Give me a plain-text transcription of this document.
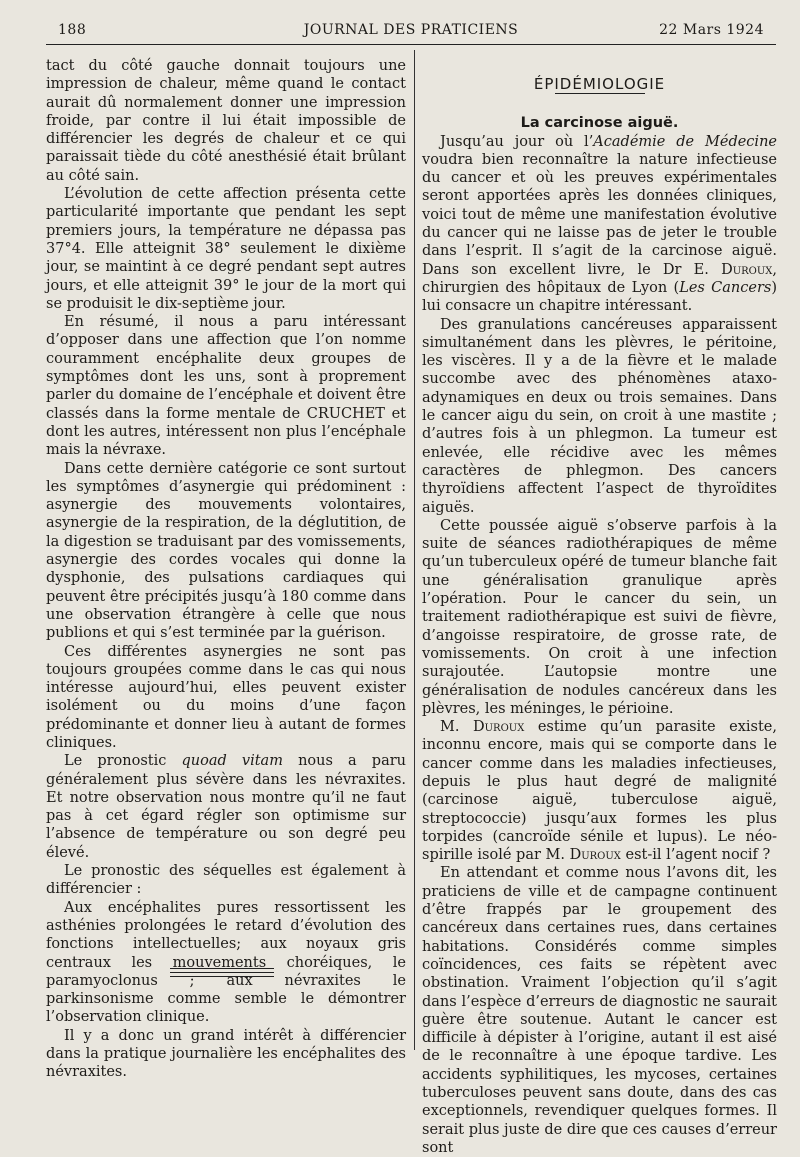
188	JOURNAL DES PRATICIENS	22 Mars 1924

tact du côté gauche donnait toujours une impression de chaleur, même quand le contact aurait dû normalement donner une impression froide, par contre il lui était impossible de différencier les degrés de chaleur et ce qui paraissait tiède du côté anesthésié était brûlant au côté sain.

L’évolution de cette affection présenta cette particularité importante que pendant les sept premiers jours, la température ne dépassa pas 37°4. Elle atteignit 38° seulement le dixième jour, se maintint à ce degré pendant sept autres jours, et elle atteignit 39° le jour de la mort qui se produisit le dix-septième jour.

En résumé, il nous a paru intéressant d’opposer dans une affection que l’on nomme couramment encéphalite deux groupes de symptômes dont les uns, sont à proprement parler du domaine de l’encéphale et doivent être classés dans la forme mentale de CRUCHET et dont les autres, intéressent non plus l’encéphale mais la névraxe.

Dans cette dernière catégorie ce sont surtout les symptômes d’asynergie qui prédominent : asynergie des mouvements volontaires, asynergie de la respiration, de la déglutition, de la digestion se traduisant par des vomissements, asynergie des cordes vocales qui donne la dysphonie, des pulsations cardiaques qui peuvent être précipités jusqu’à 180 comme dans une observation étrangère à celle que nous publions et qui s’est terminée par la guérison.

Ces différentes asynergies ne sont pas toujours groupées comme dans le cas qui nous intéresse aujourd’hui, elles peuvent exister isolément ou du moins d’une façon prédominante et donner lieu à autant de formes cliniques.

Le pronostic quoad vitam nous a paru généralement plus sévère dans les névraxites. Et notre observation nous montre qu’il ne faut pas à cet égard régler son optimisme sur l’absence de température ou son degré peu élevé.

Le pronostic des séquelles est également à différencier :

Aux encéphalites pures ressortissent les asthénies prolongées le retard d’évolution des fonctions intellectuelles; aux noyaux gris centraux les mouvements choréiques, le paramyoclonus ; aux névraxites le parkinsonisme comme semble le démontrer l’observation clinique.

Il y a donc un grand intérêt à différencier dans la pratique journalière les encéphalites des névraxites.

ÉPIDÉMIOLOGIE

La carcinose aiguë.

Jusqu’au jour où l’Académie de Médecine voudra bien reconnaître la nature infectieuse du cancer et où les preuves expérimentales seront apportées après les données cliniques, voici tout de même une manifestation évolutive du cancer qui ne laisse pas de jeter le trouble dans l’esprit. Il s’agit de la carcinose aiguë. Dans son excellent livre, le Dr E. Duroux, chirurgien des hôpitaux de Lyon (Les Cancers) lui consacre un chapitre intéressant.

Des granulations cancéreuses apparaissent simultanément dans les plèvres, le péritoine, les viscères. Il y a de la fièvre et le malade succombe avec des phénomènes ataxo-adynamiques en deux ou trois semaines. Dans le cancer aigu du sein, on croit à une mastite ; d’autres fois à un phlegmon. La tumeur est enlevée, elle récidive avec les mêmes caractères de phlegmon. Des cancers thyroïdiens affectent l’aspect de thyroïdites aiguës.

Cette poussée aiguë s’observe parfois à la suite de séances radiothérapiques de même qu’un tuberculeux opéré de tumeur blanche fait une généralisation granulique après l’opération. Pour le cancer du sein, un traitement radiothérapique est suivi de fièvre, d’angoisse respiratoire, de grosse rate, de vomissements. On croit à une infection surajoutée. L’autopsie montre une généralisation de nodules cancéreux dans les plèvres, les méninges, le périoine.

M. Duroux estime qu’un parasite existe, inconnu encore, mais qui se comporte dans le cancer comme dans les maladies infectieuses, depuis le plus haut degré de malignité (carcinose aiguë, tuberculose aiguë, streptococcie) jusqu’aux formes les plus torpides (cancroïde sénile et lupus). Le néo-spirille isolé par M. Duroux est-il l’agent nocif ?

En attendant et comme nous l’avons dit, les praticiens de ville et de campagne continuent d’être frappés par le groupement des cancéreux dans certaines rues, dans certaines habitations. Considérés comme simples coïncidences, ces faits se répètent avec obstination. Vraiment l’objection qu’il s’agit dans l’espèce d’erreurs de diagnostic ne saurait guère être soutenue. Autant le cancer est difficile à dépister à l’origine, autant il est aisé de le reconnaître à une époque tardive. Les accidents syphilitiques, les mycoses, certaines tuberculoses peuvent sans doute, dans des cas exceptionnels, revendiquer quelques formes. Il serait plus juste de dire que ces causes d’erreur sont
